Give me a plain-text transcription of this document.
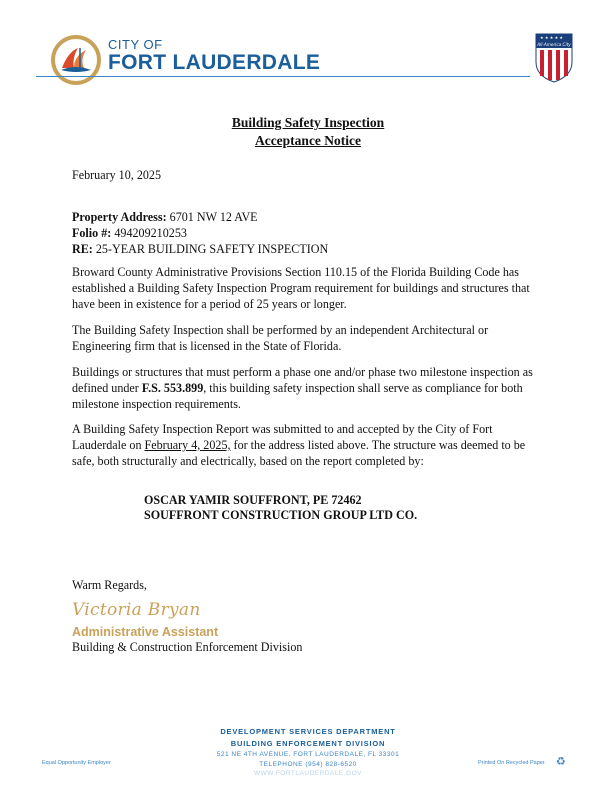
CITY OF
FORT LAUDERDALE
★ ★ ★ ★ ★
All-America City
Building Safety Inspection
Acceptance Notice
February 10, 2025
Property Address: 6701 NW 12 AVE
Folio #: 494209210253
RE: 25-YEAR BUILDING SAFETY INSPECTION
Broward County Administrative Provisions Section 110.15 of the Florida Building Code has established a Building Safety Inspection Program requirement for buildings and structures that have been in existence for a period of 25 years or longer.
The Building Safety Inspection shall be performed by an independent Architectural or Engineering firm that is licensed in the State of Florida.
Buildings or structures that must perform a phase one and/or phase two milestone inspection as defined under F.S. 553.899, this building safety inspection shall serve as compliance for both milestone inspection requirements.
A Building Safety Inspection Report was submitted to and accepted by the City of Fort Lauderdale on February 4, 2025, for the address listed above. The structure was deemed to be safe, both structurally and electrically, based on the report completed by:
OSCAR YAMIR SOUFFRONT, PE 72462
SOUFFRONT CONSTRUCTION GROUP LTD CO.
Warm Regards,
Victoria Bryan
Administrative Assistant
Building & Construction Enforcement Division
DEVELOPMENT SERVICES DEPARTMENT
BUILDING ENFORCEMENT DIVISION
521 NE 4TH AVENUE, FORT LAUDERDALE, FL 33301
TELEPHONE (954) 828-6520
WWW.FORTLAUDERDALE.GOV
Equal Opportunity Employer	Printed On Recycled Paper. ♻
